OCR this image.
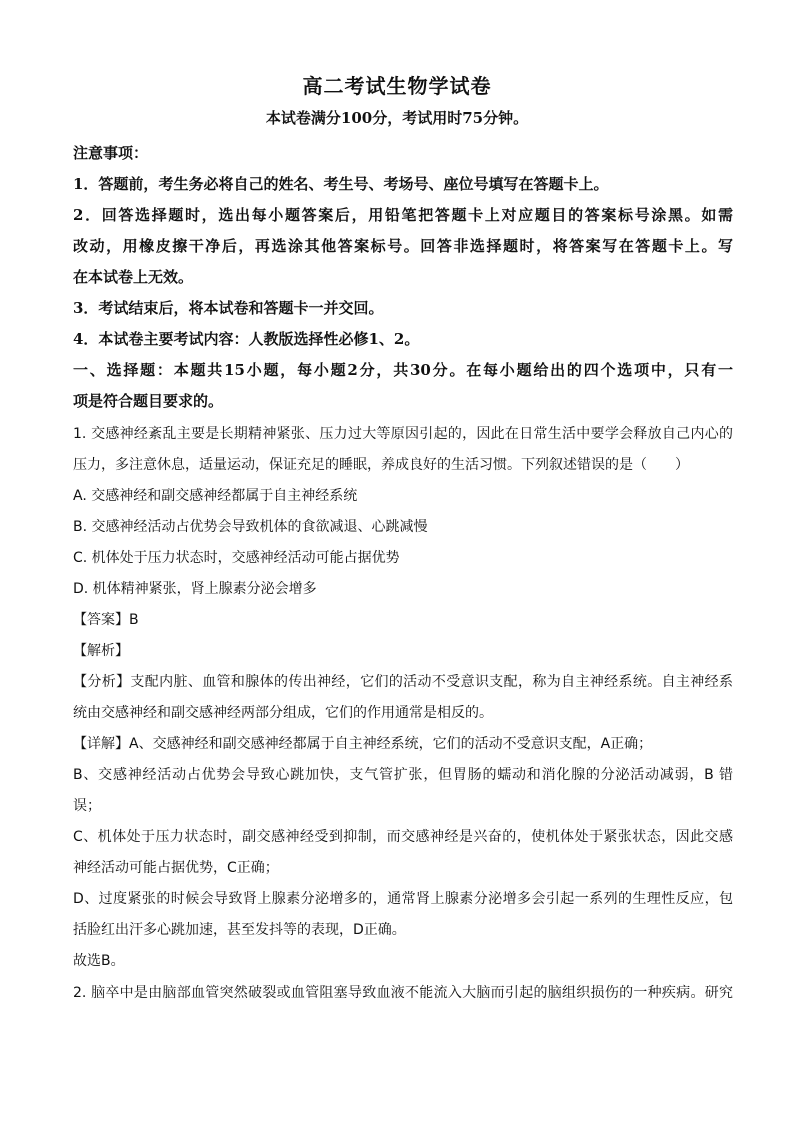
高二考试生物学试卷
本试卷满分100分，考试用时75分钟。
注意事项：
1．答题前，考生务必将自己的姓名、考生号、考场号、座位号填写在答题卡上。
2．回答选择题时，选出每小题答案后，用铅笔把答题卡上对应题目的答案标号涂黑。如需
改动，用橡皮擦干净后，再选涂其他答案标号。回答非选择题时，将答案写在答题卡上。写
在本试卷上无效。
3．考试结束后，将本试卷和答题卡一并交回。
4．本试卷主要考试内容：人教版选择性必修1、2。
一、选择题：本题共15小题，每小题2分，共30分。在每小题给出的四个选项中，只有一
项是符合题目要求的。
1. 交感神经紊乱主要是长期精神紧张、压力过大等原因引起的，因此在日常生活中要学会释放自己内心的
压力，多注意休息，适量运动，保证充足的睡眠，养成良好的生活习惯。下列叙述错误的是（　　）
A. 交感神经和副交感神经都属于自主神经系统
B. 交感神经活动占优势会导致机体的食欲减退、心跳减慢
C. 机体处于压力状态时，交感神经活动可能占据优势
D. 机体精神紧张，肾上腺素分泌会增多
【答案】B
【解析】
【分析】支配内脏、血管和腺体的传出神经，它们的活动不受意识支配，称为自主神经系统。自主神经系
统由交感神经和副交感神经两部分组成，它们的作用通常是相反的。
【详解】A、交感神经和副交感神经都属于自主神经系统，它们的活动不受意识支配，A正确；
B、交感神经活动占优势会导致心跳加快，支气管扩张，但胃肠的蠕动和消化腺的分泌活动减弱，B 错
误；
C、机体处于压力状态时，副交感神经受到抑制，而交感神经是兴奋的，使机体处于紧张状态，因此交感
神经活动可能占据优势，C正确；
D、过度紧张的时候会导致肾上腺素分泌增多的，通常肾上腺素分泌增多会引起一系列的生理性反应，包
括脸红出汗多心跳加速，甚至发抖等的表现，D正确。
故选B。
2. 脑卒中是由脑部血管突然破裂或血管阻塞导致血液不能流入大脑而引起的脑组织损伤的一种疾病。研究
